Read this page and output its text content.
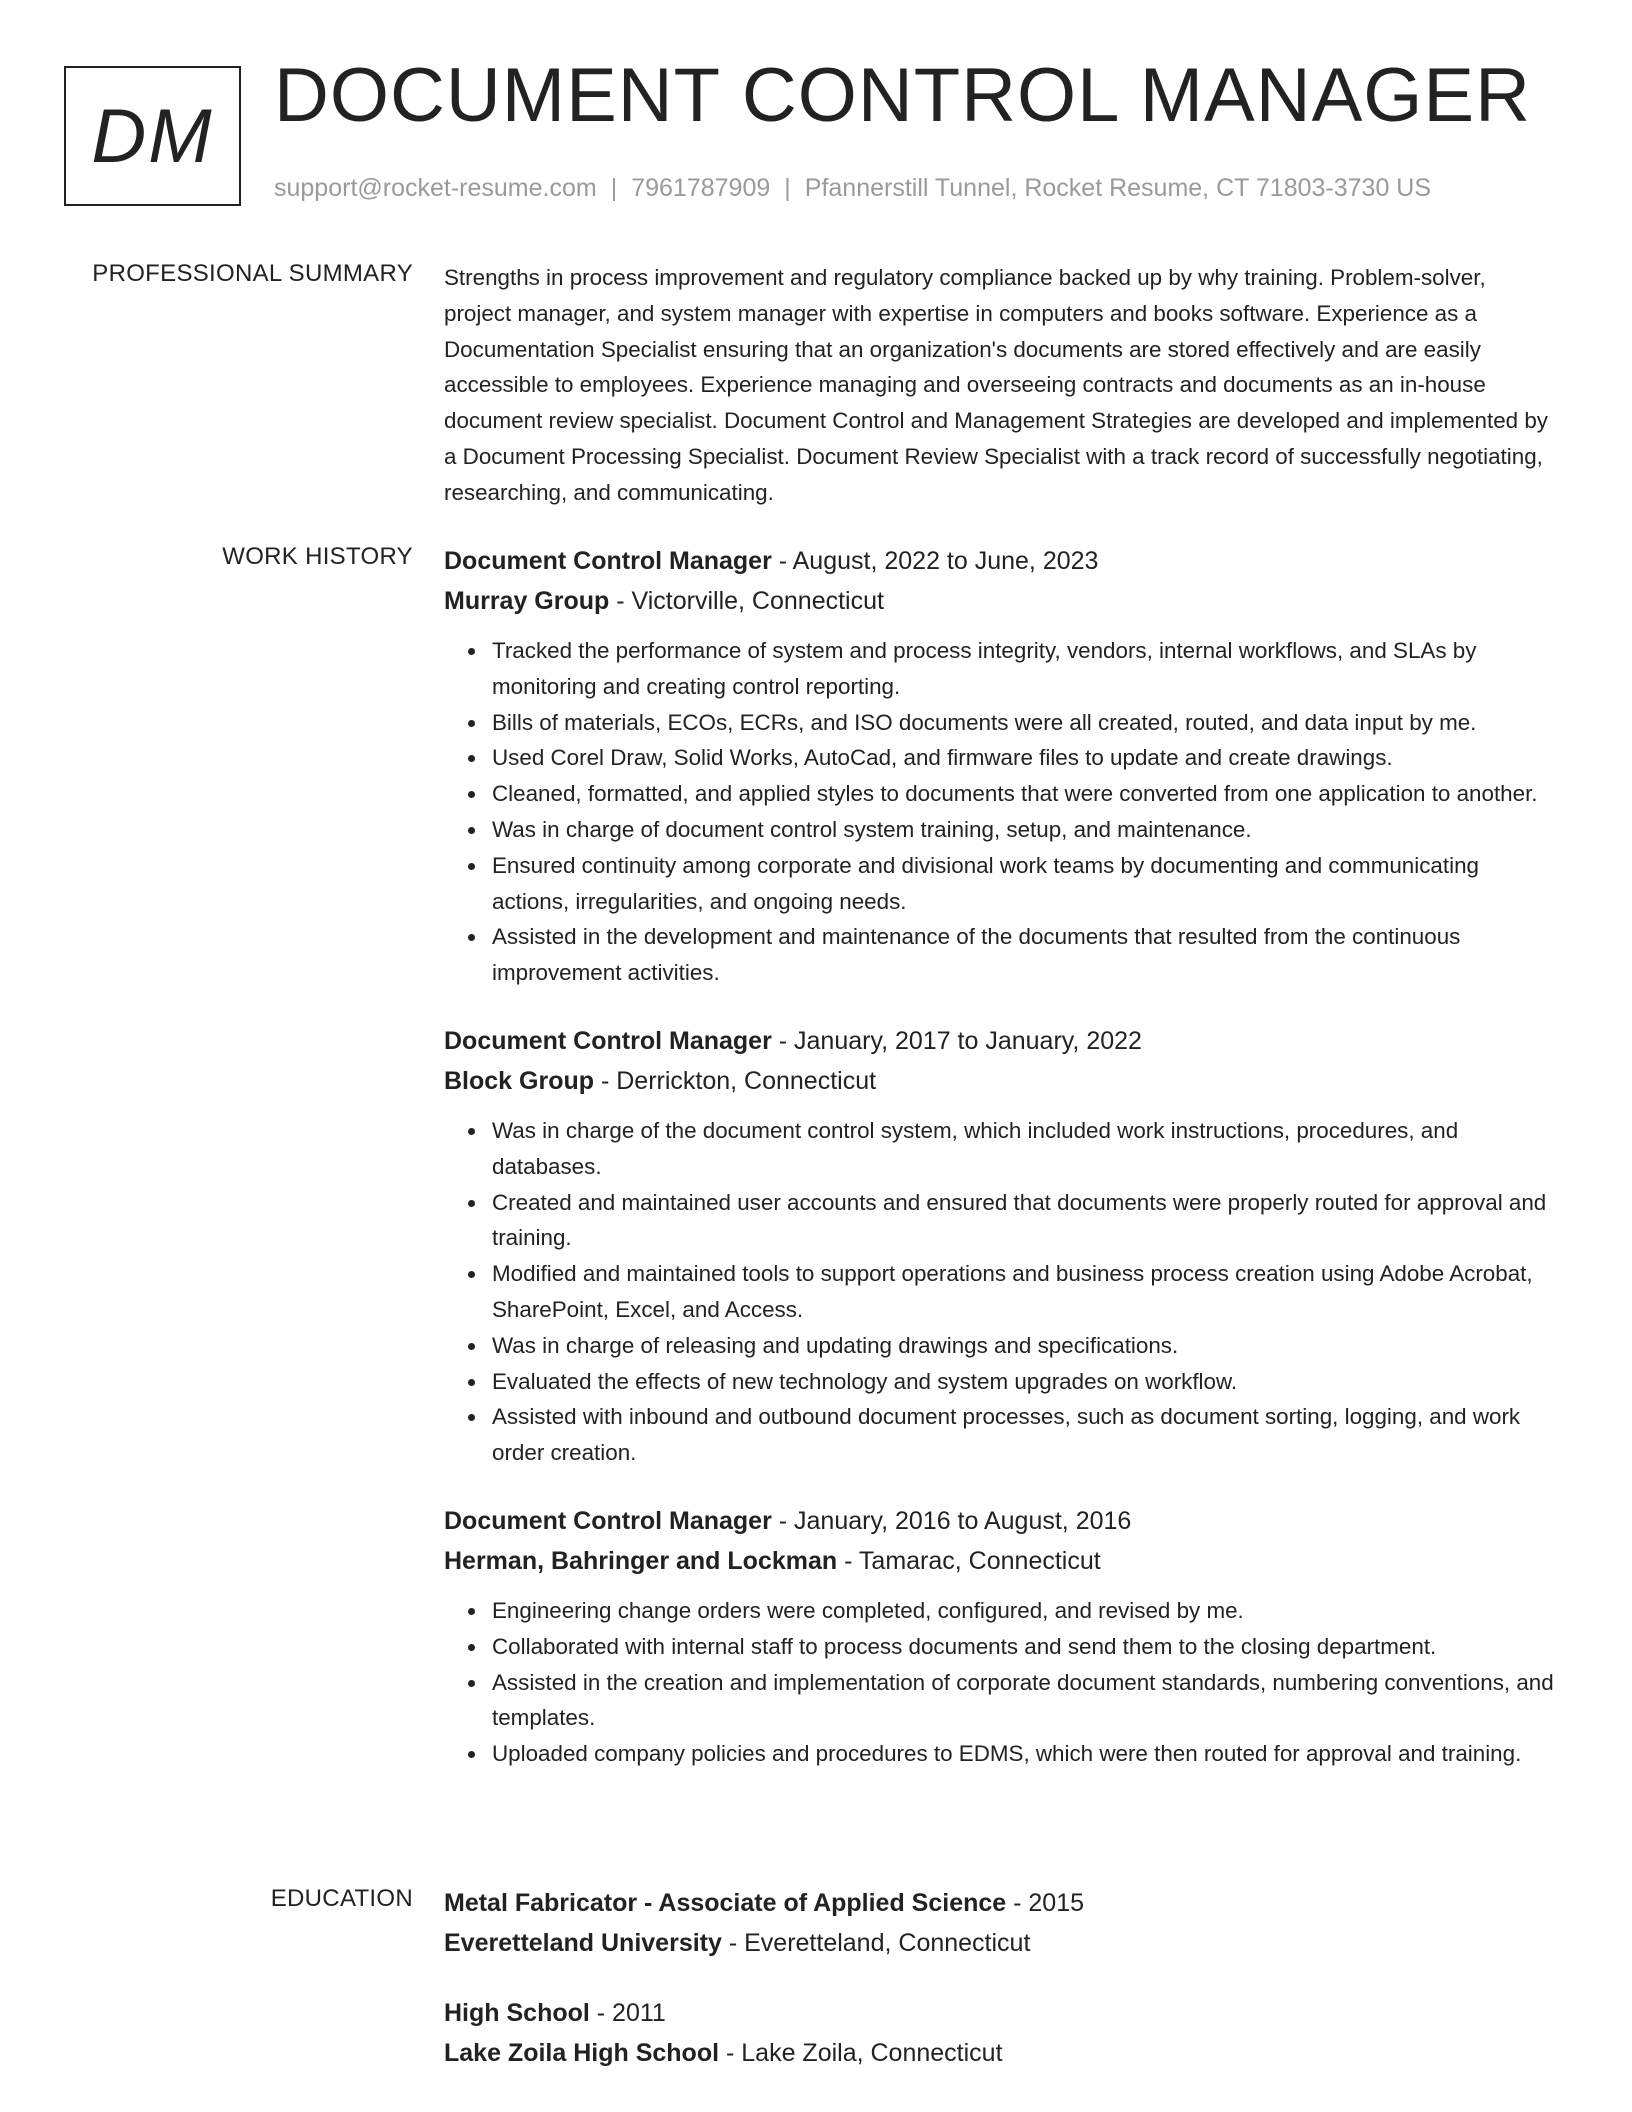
DM DOCUMENT CONTROL MANAGER
support@rocket-resume.com | 7961787909 | Pfannerstill Tunnel, Rocket Resume, CT 71803-3730 US
PROFESSIONAL SUMMARY Strengths in process improvement and regulatory compliance backed up by why training. Problem-solver, project manager, and system manager with expertise in computers and books software. Experience as a Documentation Specialist ensuring that an organization's documents are stored effectively and are easily accessible to employees. Experience managing and overseeing contracts and documents as an in-house document review specialist. Document Control and Management Strategies are developed and implemented by a Document Processing Specialist. Document Review Specialist with a track record of successfully negotiating, researching, and communicating.

WORK HISTORY Document Control Manager - August, 2022 to June, 2023
Murray Group - Victorville, Connecticut
• Tracked the performance of system and process integrity, vendors, internal workflows, and SLAs by monitoring and creating control reporting.
• Bills of materials, ECOs, ECRs, and ISO documents were all created, routed, and data input by me.
• Used Corel Draw, Solid Works, AutoCad, and firmware files to update and create drawings.
• Cleaned, formatted, and applied styles to documents that were converted from one application to another.
• Was in charge of document control system training, setup, and maintenance.
• Ensured continuity among corporate and divisional work teams by documenting and communicating actions, irregularities, and ongoing needs.
• Assisted in the development and maintenance of the documents that resulted from the continuous improvement activities.
Document Control Manager - January, 2017 to January, 2022
Block Group - Derrickton, Connecticut
• Was in charge of the document control system, which included work instructions, procedures, and databases.
• Created and maintained user accounts and ensured that documents were properly routed for approval and training.
• Modified and maintained tools to support operations and business process creation using Adobe Acrobat, SharePoint, Excel, and Access.
• Was in charge of releasing and updating drawings and specifications.
• Evaluated the effects of new technology and system upgrades on workflow.
• Assisted with inbound and outbound document processes, such as document sorting, logging, and work order creation.
Document Control Manager - January, 2016 to August, 2016
Herman, Bahringer and Lockman - Tamarac, Connecticut
• Engineering change orders were completed, configured, and revised by me.
• Collaborated with internal staff to process documents and send them to the closing department.
• Assisted in the creation and implementation of corporate document standards, numbering conventions, and templates.
• Uploaded company policies and procedures to EDMS, which were then routed for approval and training.
EDUCATION Metal Fabricator - Associate of Applied Science - 2015
Everetteland University - Everetteland, Connecticut
High School - 2011
Lake Zoila High School - Lake Zoila, Connecticut
